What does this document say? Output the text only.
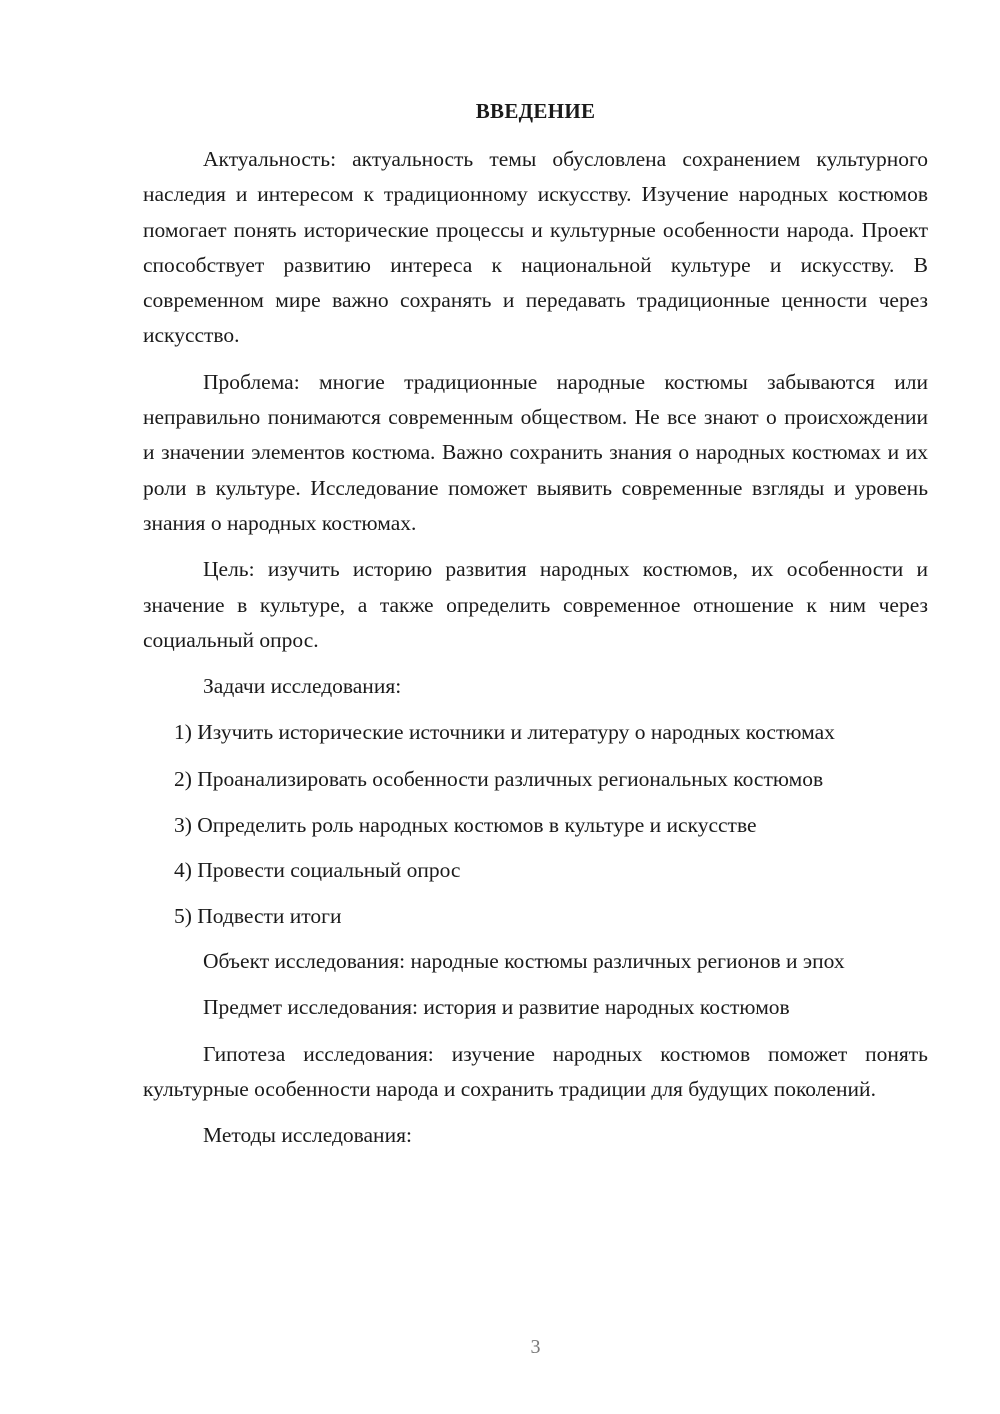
ВВЕДЕНИЕ

Актуальность: актуальность темы обусловлена сохранением культурного наследия и интересом к традиционному искусству. Изучение народных костюмов помогает понять исторические процессы и культурные особенности народа. Проект способствует развитию интереса к национальной культуре и искусству. В современном мире важно сохранять и передавать традиционные ценности через искусство.

Проблема: многие традиционные народные костюмы забываются или неправильно понимаются современным обществом. Не все знают о происхождении и значении элементов костюма. Важно сохранить знания о народных костюмах и их роли в культуре. Исследование поможет выявить современные взгляды и уровень знания о народных костюмах.

Цель: изучить историю развития народных костюмов, их особенности и значение в культуре, а также определить современное отношение к ним через социальный опрос.

Задачи исследования:

1) Изучить исторические источники и литературу о народных костюмах

2) Проанализировать особенности различных региональных костюмов

3) Определить роль народных костюмов в культуре и искусстве

4) Провести социальный опрос

5) Подвести итоги

Объект исследования: народные костюмы различных регионов и эпох

Предмет исследования: история и развитие народных костюмов

Гипотеза исследования: изучение народных костюмов поможет понять культурные особенности народа и сохранить традиции для будущих поколений.

Методы исследования:

3
